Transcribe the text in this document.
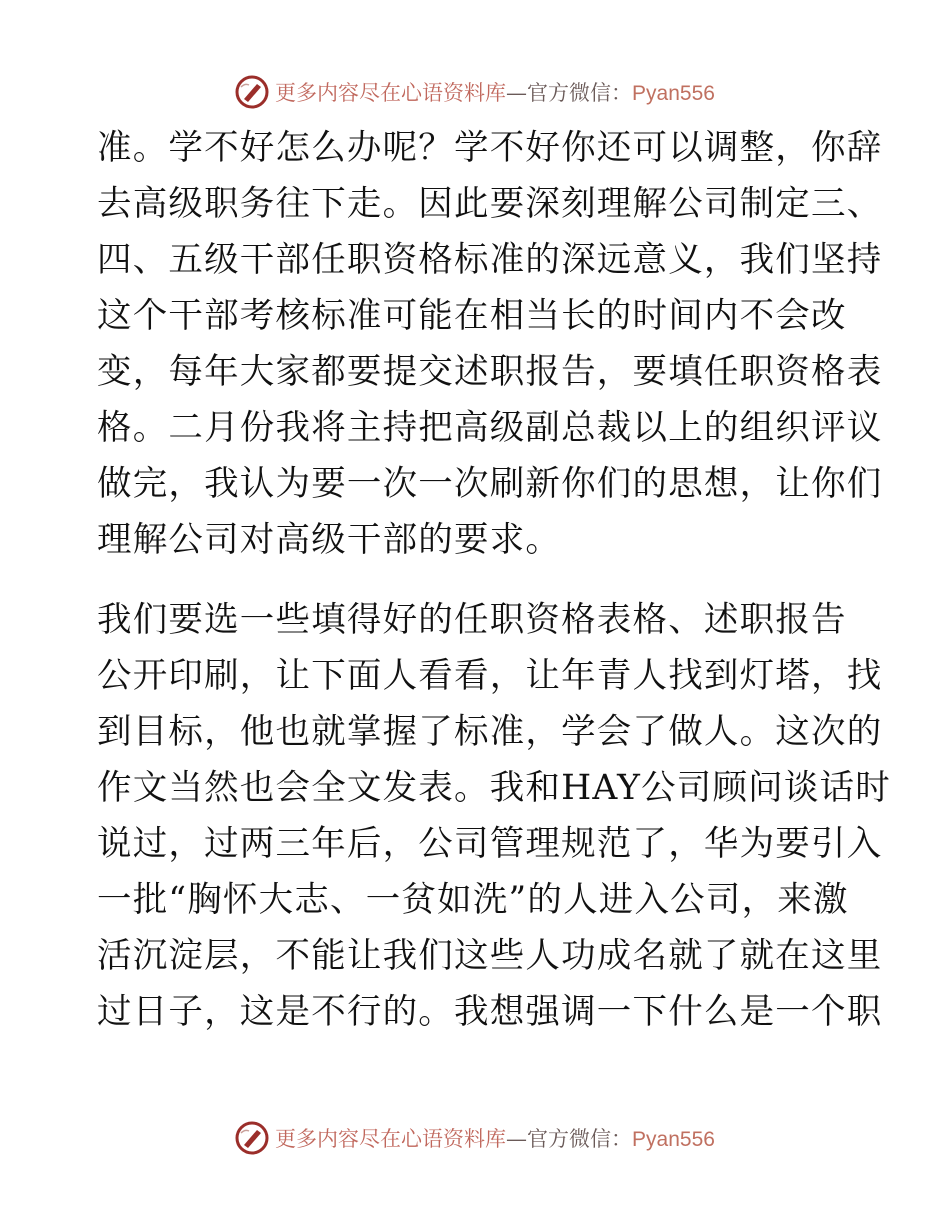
更多内容尽在心语资料库—官方微信：Pyan556

准。学不好怎么办呢？学不好你还可以调整，你辞
去高级职务往下走。因此要深刻理解公司制定三、
四、五级干部任职资格标准的深远意义，我们坚持
这个干部考核标准可能在相当长的时间内不会改
变，每年大家都要提交述职报告，要填任职资格表
格。二月份我将主持把高级副总裁以上的组织评议
做完，我认为要一次一次刷新你们的思想，让你们
理解公司对高级干部的要求。

我们要选一些填得好的任职资格表格、述职报告
公开印刷，让下面人看看，让年青人找到灯塔，找
到目标，他也就掌握了标准，学会了做人。这次的
作文当然也会全文发表。我和HAY公司顾问谈话时
说过，过两三年后，公司管理规范了，华为要引入
一批“胸怀大志、一贫如洗”的人进入公司，来激
活沉淀层，不能让我们这些人功成名就了就在这里
过日子，这是不行的。我想强调一下什么是一个职

更多内容尽在心语资料库—官方微信：Pyan556
